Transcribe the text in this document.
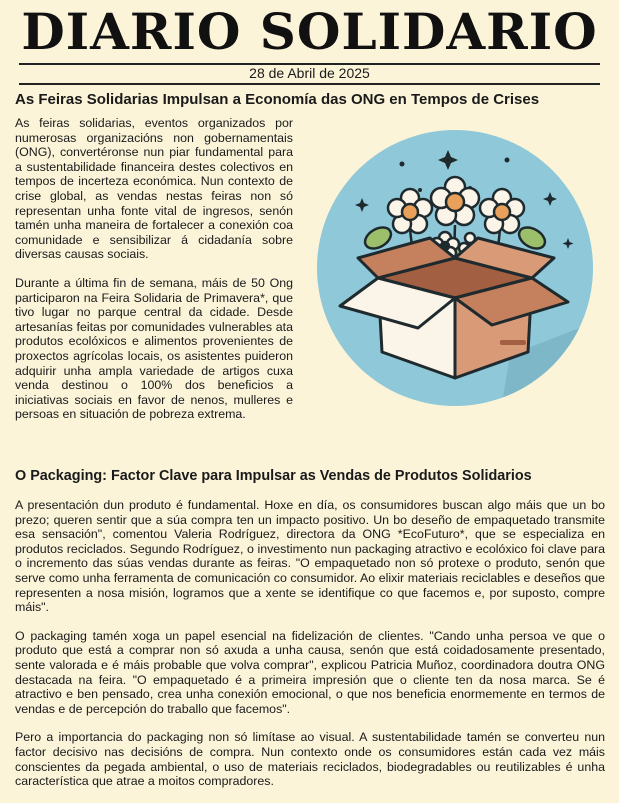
DIARIO SOLIDARIO
28 de Abril de 2025
As Feiras Solidarias Impulsan a Economía das ONG en Tempos de Crises

As feiras solidarias, eventos organizados por numerosas organizacións non gobernamentais (ONG), convertéronse nun piar fundamental para a sustentabilidade financeira destes colectivos en tempos de incerteza económica. Nun contexto de crise global, as vendas nestas feiras non só representan unha fonte vital de ingresos, senón tamén unha maneira de fortalecer a conexión coa comunidade e sensibilizar á cidadanía sobre diversas causas sociais.

Durante a última fin de semana, máis de 50 Ong participaron na Feira Solidaria de Primavera*, que tivo lugar no parque central da cidade. Desde artesanías feitas por comunidades vulnerables ata produtos ecolóxicos e alimentos provenientes de proxectos agrícolas locais, os asistentes puideron adquirir unha ampla variedade de artigos cuxa venda destinou o 100% dos beneficios a iniciativas sociais en favor de nenos, mulleres e persoas en situación de pobreza extrema.

O Packaging: Factor Clave para Impulsar as Vendas de Produtos Solidarios

A presentación dun produto é fundamental. Hoxe en día, os consumidores buscan algo máis que un bo prezo; queren sentir que a súa compra ten un impacto positivo. Un bo deseño de empaquetado transmite esa sensación", comentou Valeria Rodríguez, directora da ONG *EcoFuturo*, que se especializa en produtos reciclados. Segundo Rodríguez, o investimento nun packaging atractivo e ecolóxico foi clave para o incremento das súas vendas durante as feiras. "O empaquetado non só protexe o produto, senón que serve como unha ferramenta de comunicación co consumidor. Ao elixir materiais reciclables e deseños que representen a nosa misión, logramos que a xente se identifique co que facemos e, por suposto, compre máis".

O packaging tamén xoga un papel esencial na fidelización de clientes. "Cando unha persoa ve que o produto que está a comprar non só axuda a unha causa, senón que está coidadosamente presentado, sente valorada e é máis probable que volva comprar", explicou Patricia Muñoz, coordinadora doutra ONG destacada na feira. "O empaquetado é a primeira impresión que o cliente ten da nosa marca. Se é atractivo e ben pensado, crea unha conexión emocional, o que nos beneficia enormemente en termos de vendas e de percepción do traballo que facemos".

Pero a importancia do packaging non só limítase ao visual. A sustentabilidade tamén se converteu nun factor decisivo nas decisións de compra. Nun contexto onde os consumidores están cada vez máis conscientes da pegada ambiental, o uso de materiais reciclados, biodegradables ou reutilizables é unha característica que atrae a moitos compradores.
